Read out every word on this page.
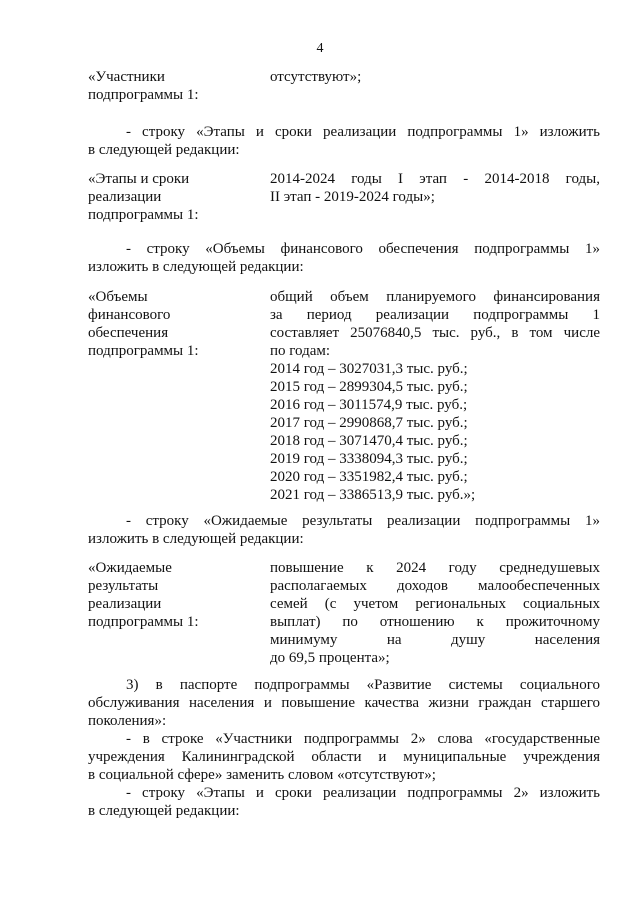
4
«Участники
подпрограммы 1:
отсутствуют»;
- строку «Этапы и сроки реализации подпрограммы 1» изложить
в следующей редакции:
«Этапы и сроки
реализации
подпрограммы 1:
2014-2024 годы I этап - 2014-2018 годы,
II этап - 2019-2024 годы»;
- строку «Объемы финансового обеспечения подпрограммы 1»
изложить в следующей редакции:
«Объемы
финансового
обеспечения
подпрограммы 1:
общий объем планируемого финансирования
за период реализации подпрограммы 1
составляет 25076840,5 тыс. руб., в том числе
по годам:
2014 год – 3027031,3 тыс. руб.;
2015 год – 2899304,5 тыс. руб.;
2016 год – 3011574,9 тыс. руб.;
2017 год – 2990868,7 тыс. руб.;
2018 год – 3071470,4 тыс. руб.;
2019 год – 3338094,3 тыс. руб.;
2020 год – 3351982,4 тыс. руб.;
2021 год – 3386513,9 тыс. руб.»;
- строку «Ожидаемые результаты реализации подпрограммы 1»
изложить в следующей редакции:
«Ожидаемые
результаты
реализации
подпрограммы 1:
повышение к 2024 году среднедушевых
располагаемых доходов малообеспеченных
семей (с учетом региональных социальных
выплат) по отношению к прожиточному
минимуму на душу населения
до 69,5 процента»;
3) в паспорте подпрограммы «Развитие системы социального
обслуживания населения и повышение качества жизни граждан старшего
поколения»:
- в строке «Участники подпрограммы 2» слова «государственные
учреждения Калининградской области и муниципальные учреждения
в социальной сфере» заменить словом «отсутствуют»;
- строку «Этапы и сроки реализации подпрограммы 2» изложить
в следующей редакции:
